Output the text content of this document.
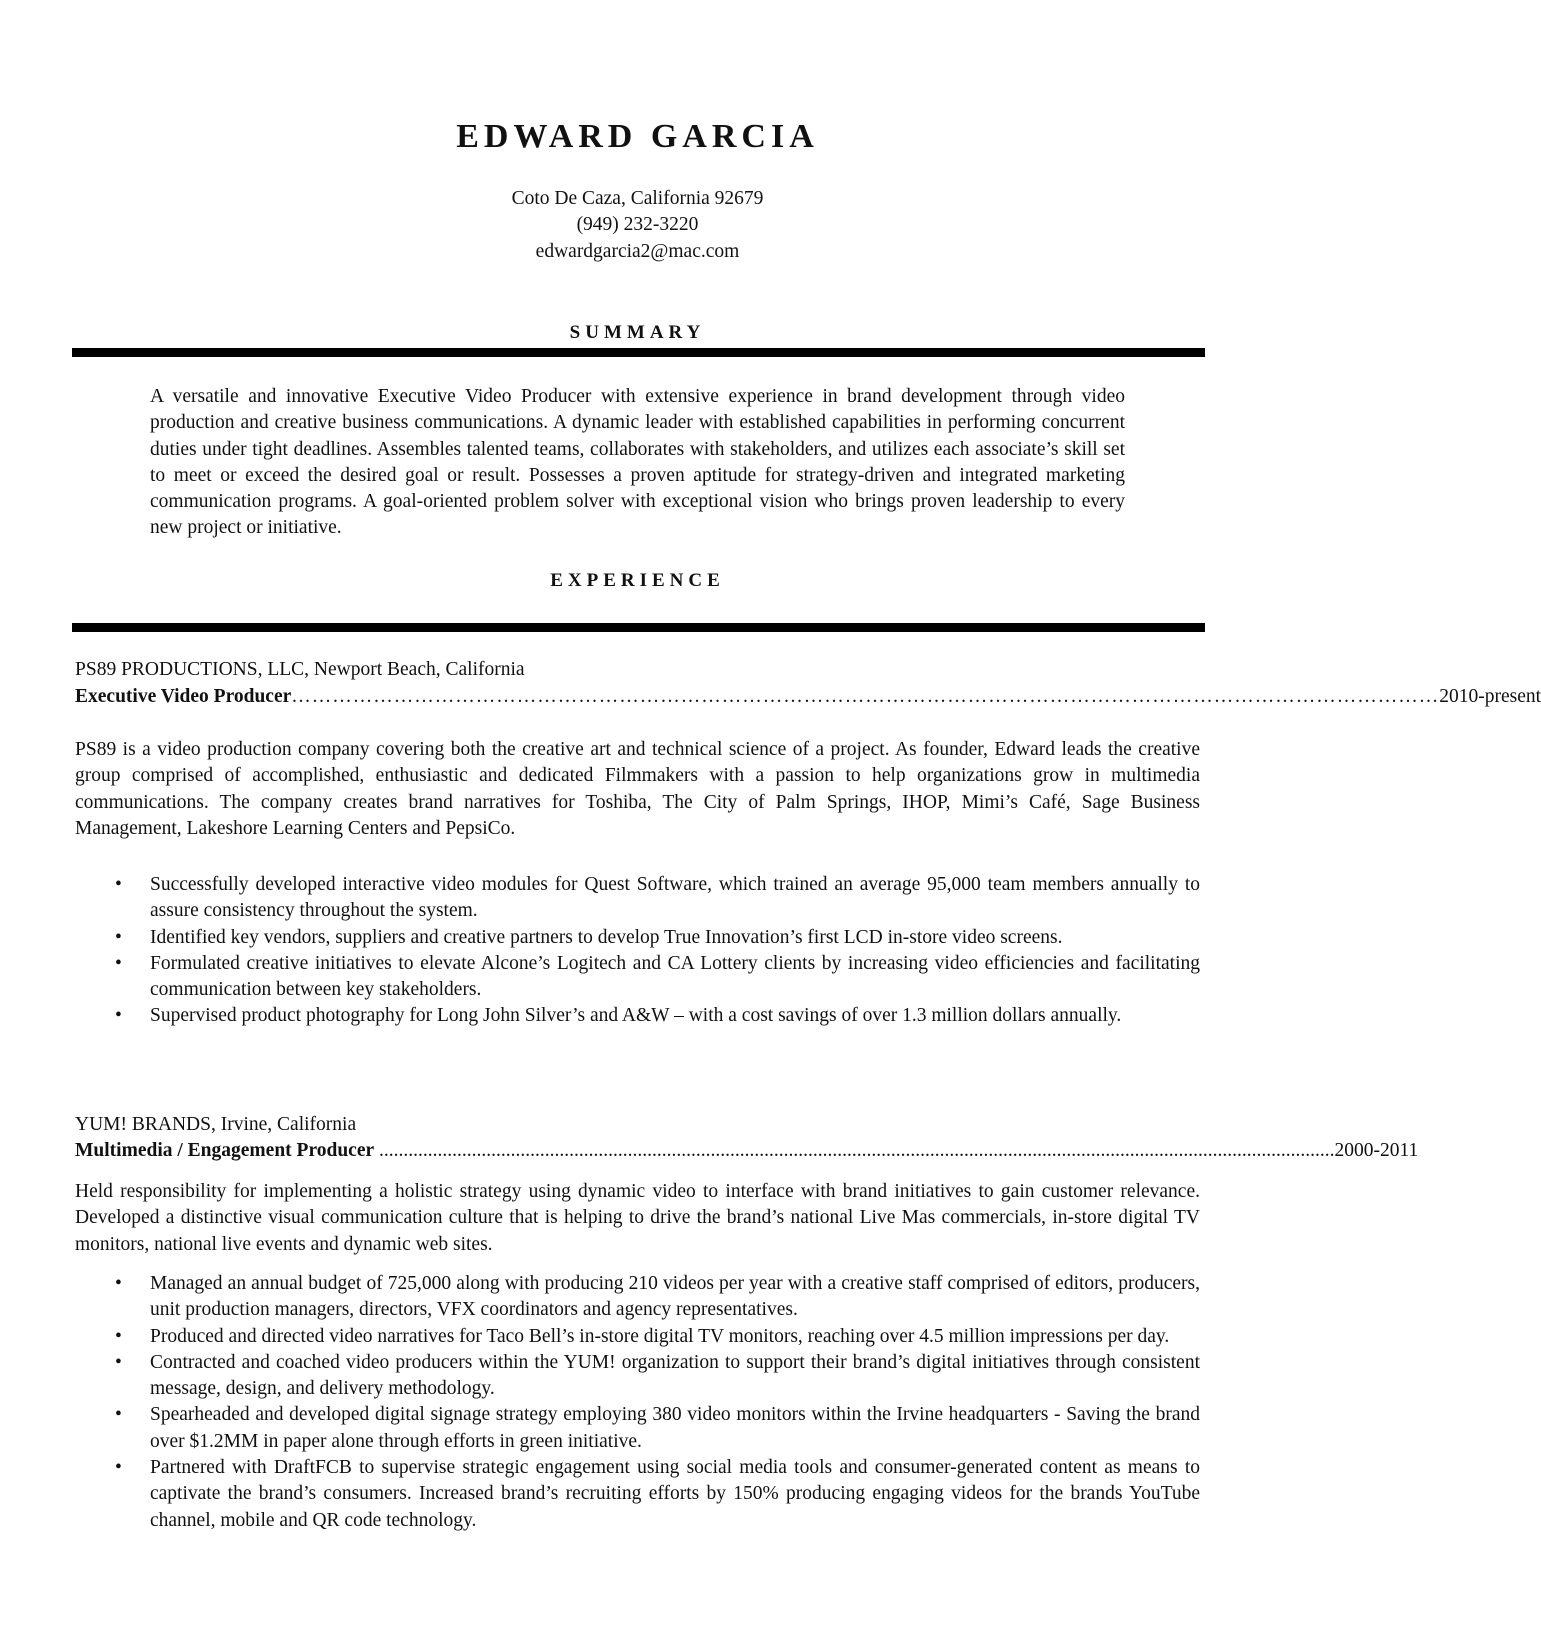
EDWARD GARCIA
Coto De Caza, California 92679
(949) 232-3220
edwardgarcia2@mac.com
SUMMARY
A versatile and innovative Executive Video Producer with extensive experience in brand development through video production and creative business communications. A dynamic leader with established capabilities in performing concurrent duties under tight deadlines. Assembles talented teams, collaborates with stakeholders, and utilizes each associate’s skill set to meet or exceed the desired goal or result. Possesses a proven aptitude for strategy-driven and integrated marketing communication programs. A goal-oriented problem solver with exceptional vision who brings proven leadership to every new project or initiative.
EXPERIENCE
PS89 PRODUCTIONS, LLC, Newport Beach, California
Executive Video Producer …………………………………………………………………………………………………………………………………………………… 2010-present
PS89 is a video production company covering both the creative art and technical science of a project. As founder, Edward leads the creative group comprised of accomplished, enthusiastic and dedicated Filmmakers with a passion to help organizations grow in multimedia communications. The company creates brand narratives for Toshiba, The City of Palm Springs, IHOP, Mimi’s Café, Sage Business Management, Lakeshore Learning Centers and PepsiCo.
• Successfully developed interactive video modules for Quest Software, which trained an average 95,000 team members annually to assure consistency throughout the system.
• Identified key vendors, suppliers and creative partners to develop True Innovation’s first LCD in-store video screens.
• Formulated creative initiatives to elevate Alcone’s Logitech and CA Lottery clients by increasing video efficiencies and facilitating communication between key stakeholders.
• Supervised product photography for Long John Silver’s and A&W – with a cost savings of over 1.3 million dollars annually.
YUM! BRANDS, Irvine, California
Multimedia / Engagement Producer .................................................................................................................................................................................................... 2000-2011
Held responsibility for implementing a holistic strategy using dynamic video to interface with brand initiatives to gain customer relevance. Developed a distinctive visual communication culture that is helping to drive the brand’s national Live Mas commercials, in-store digital TV monitors, national live events and dynamic web sites.
• Managed an annual budget of 725,000 along with producing 210 videos per year with a creative staff comprised of editors, producers, unit production managers, directors, VFX coordinators and agency representatives.
• Produced and directed video narratives for Taco Bell’s in-store digital TV monitors, reaching over 4.5 million impressions per day.
• Contracted and coached video producers within the YUM! organization to support their brand’s digital initiatives through consistent message, design, and delivery methodology.
• Spearheaded and developed digital signage strategy employing 380 video monitors within the Irvine headquarters - Saving the brand over $1.2MM in paper alone through efforts in green initiative.
• Partnered with DraftFCB to supervise strategic engagement using social media tools and consumer-generated content as means to captivate the brand’s consumers. Increased brand’s recruiting efforts by 150% producing engaging videos for the brands YouTube channel, mobile and QR code technology.
